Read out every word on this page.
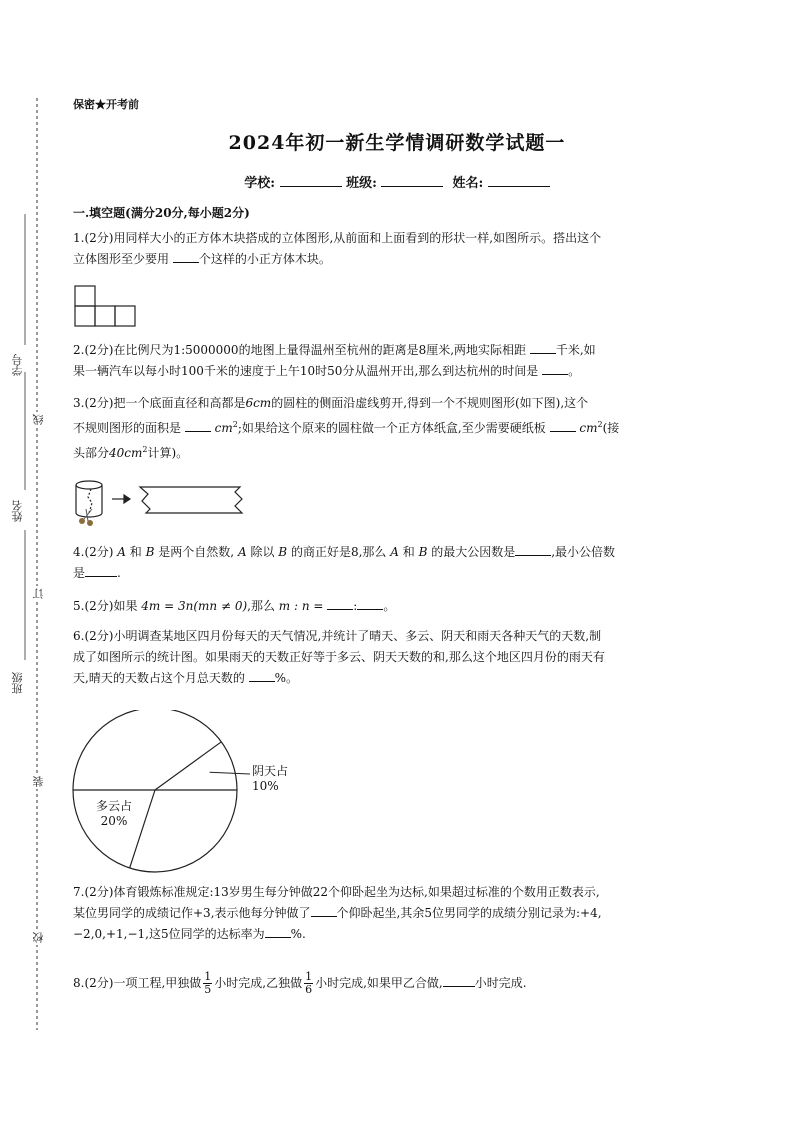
线
订
装
学号
姓名
班级
校
保密★开考前
2024年初一新生学情调研数学试题一
学校:	班级:	姓名:
一.填空题(满分20分,每小题2分)
1.(2分)用同样大小的正方体木块搭成的立体图形,从前面和上面看到的形状一样,如图所示。搭出这个
立体图形至少要用 个这样的小正方体木块。
2.(2分)在比例尺为1:5000000的地图上量得温州至杭州的距离是8厘米,两地实际相距 千米,如
果一辆汽车以每小时100千米的速度于上午10时50分从温州开出,那么到达杭州的时间是 。
3.(2分)把一个底面直径和高都是6cm的圆柱的侧面沿虚线剪开,得到一个不规则图形(如下图),这个
不规则图形的面积是	$cm^2$;如果给这个原来的圆柱做一个正方体纸盒,至少需要硬纸板	$cm^2$(接
头部分$40cm^2$计算)。
4.(2分) A 和 B 是两个自然数, A 除以 B 的商正好是8,那么 A 和 B 的最大公因数是	,最小公倍数
是	.
5.(2分)如果 4m = 3n(mn ≠ 0),那么 m : n = : 。
6.(2分)小明调查某地区四月份每天的天气情况,并统计了晴天、多云、阴天和雨天各种天气的天数,制
成了如图所示的统计图。如果雨天的天数正好等于多云、阴天天数的和,那么这个地区四月份的雨天有
天,晴天的天数占这个月总天数的 %。
多云占
20%
阴天占
10%
7.(2分)体育锻炼标准规定:13岁男生每分钟做22个仰卧起坐为达标,如果超过标准的个数用正数表示,
某位男同学的成绩记作+3,表示他每分钟做了 个仰卧起坐,其余5位男同学的成绩分别记录为:+4,
−2,0,+1,−1,这5位同学的达标率为 %.
8.(2分)一项工程,甲独做 $\frac{1}{5}$ 小时完成,乙独做 $\frac{1}{6}$ 小时完成,如果甲乙合做,	小时完成.
